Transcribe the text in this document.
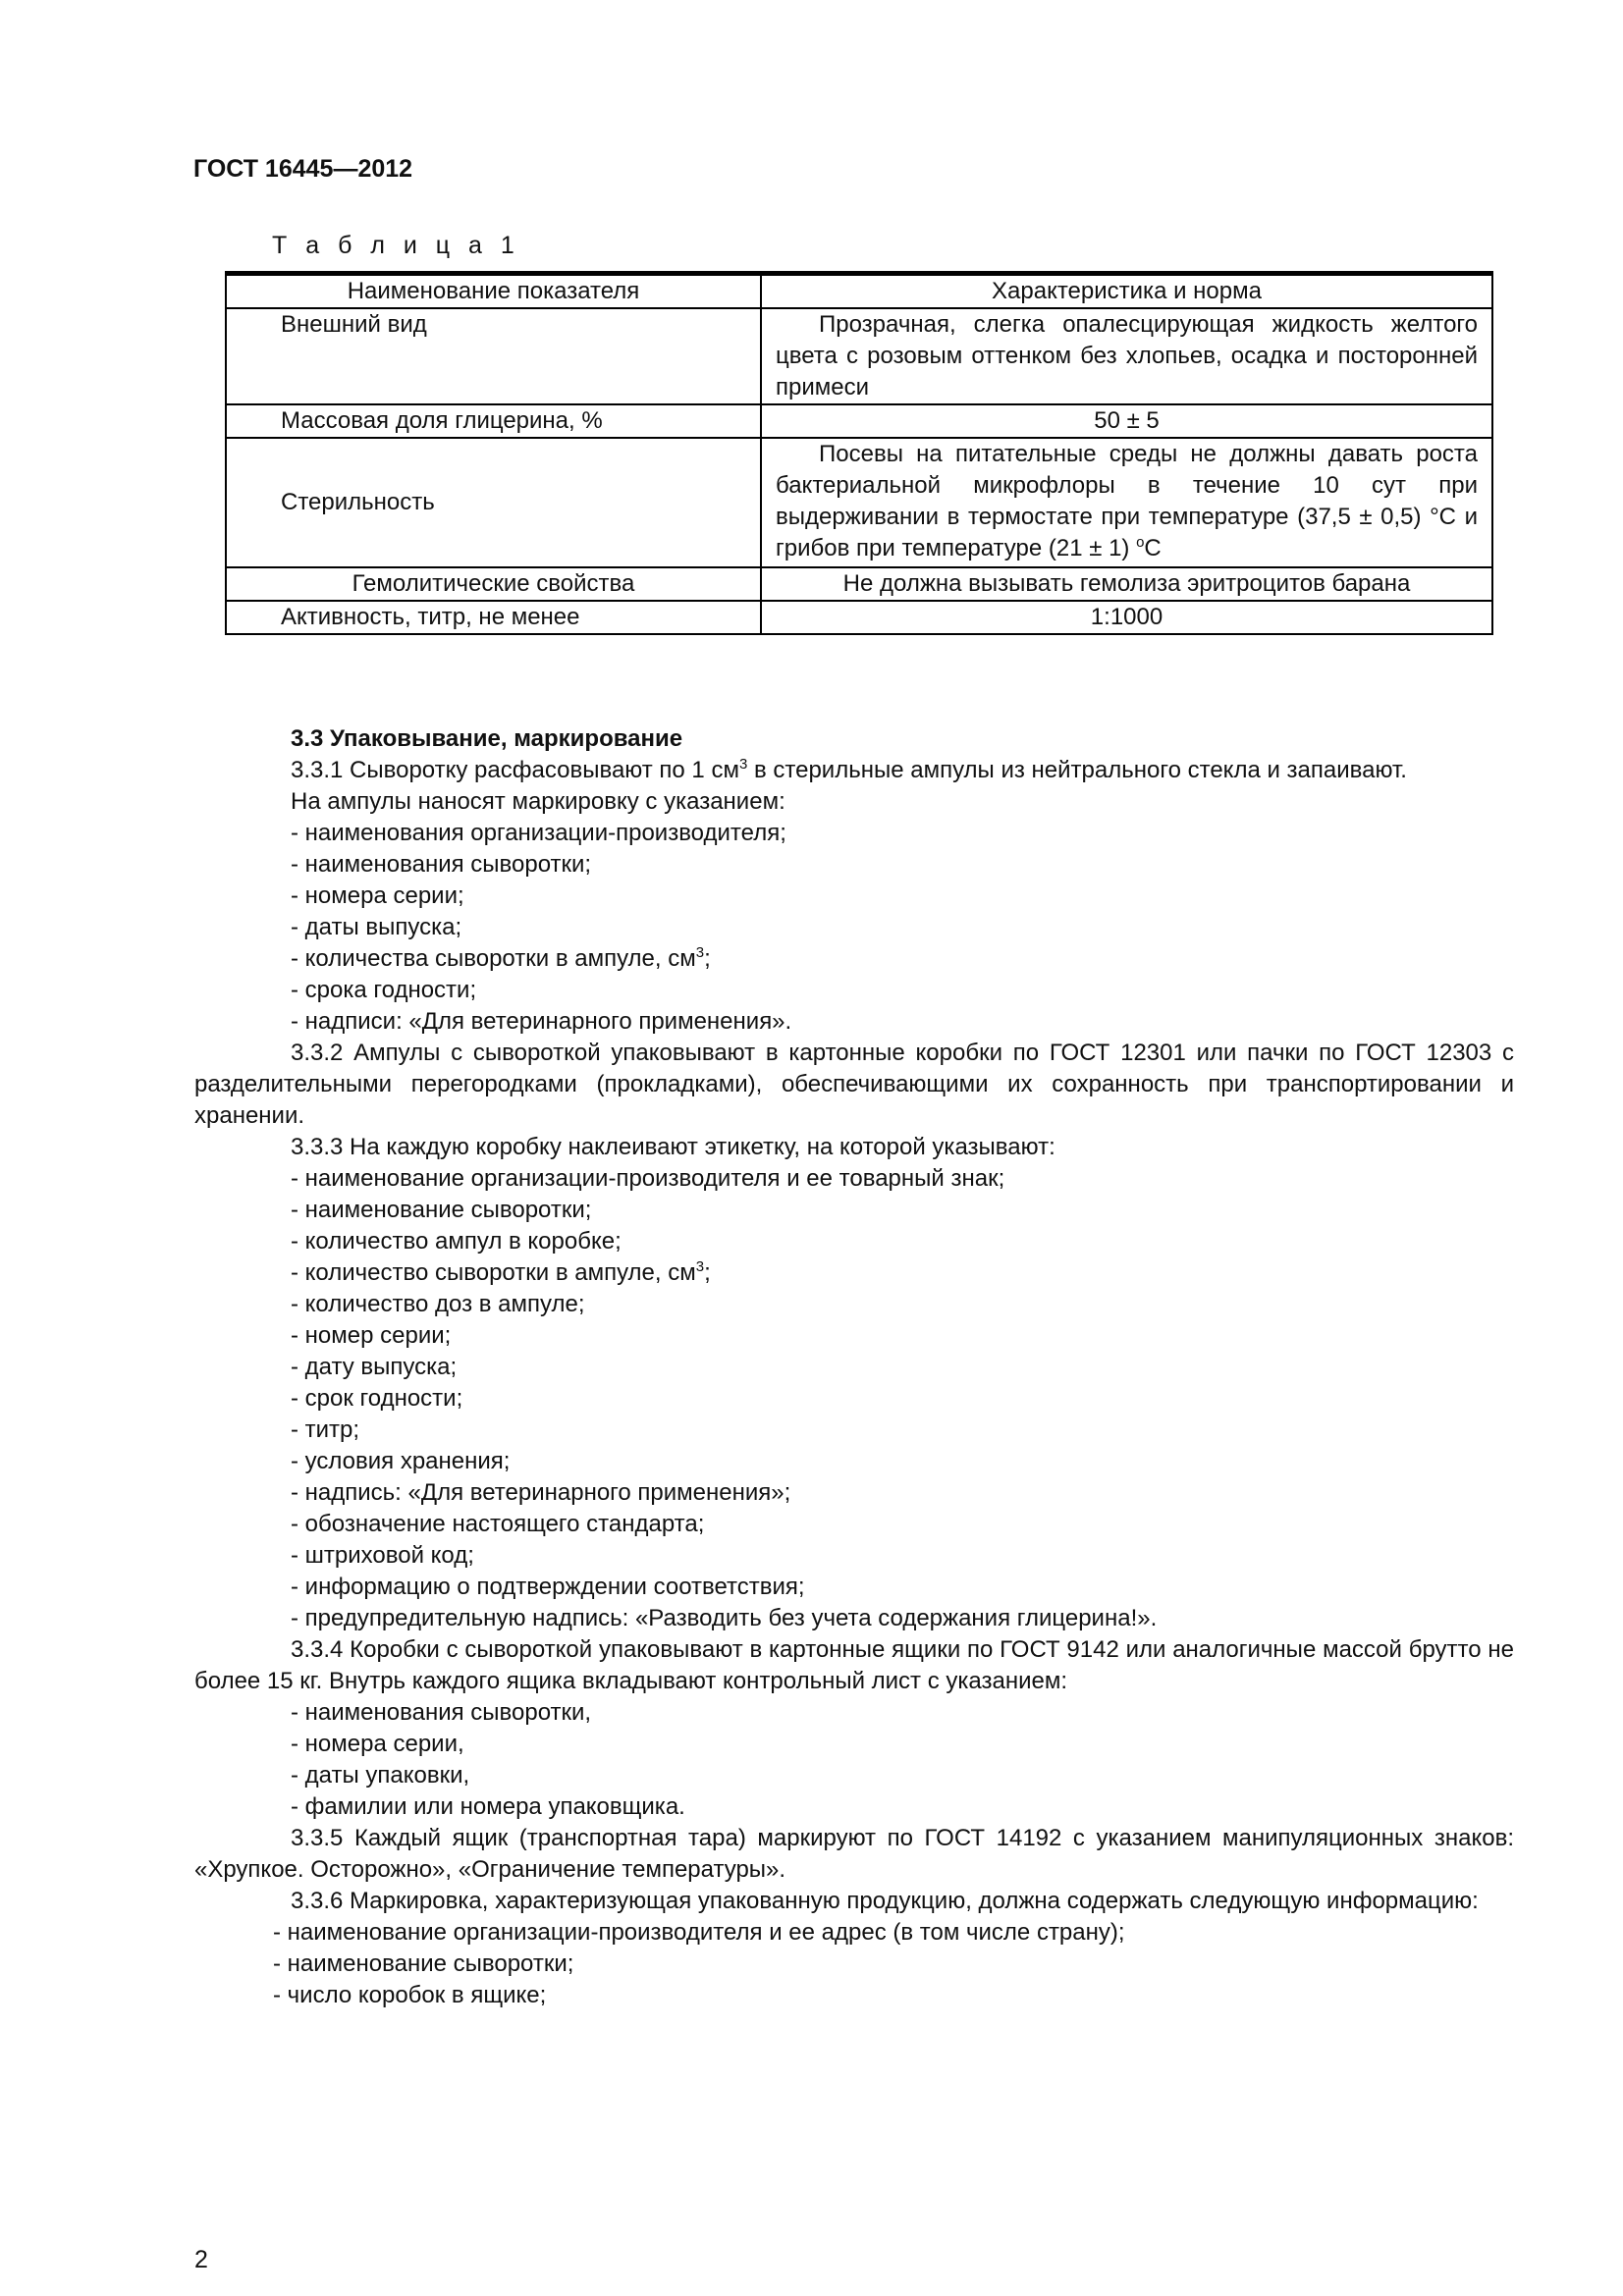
ГОСТ 16445—2012
Т а б л и ц а 1
Наименование показателя	Характеристика и норма
Внешний вид	Прозрачная, слегка опалесцирующая жидкость желтого цвета с розовым оттенком без хлопьев, осадка и посторонней примеси
Массовая доля глицерина, %	50 ± 5
Стерильность	Посевы на питательные среды не должны давать роста бактериальной микрофлоры в течение 10 сут при выдерживании в термостате при температуре (37,5 ± 0,5) °С и грибов при температуре (21 ± 1) $^o$С
Гемолитические свойства	Не должна вызывать гемолиза эритроцитов барана
Активность, титр, не менее	1:1000

3.3 Упаковывание, маркирование

3.3.1 Сыворотку расфасовывают по 1 $см^3$ в стерильные ампулы из нейтрального стекла и запаивают.

На ампулы наносят маркировку с указанием:

- наименования организации-производителя;

- наименования сыворотки;

- номера серии;

- даты выпуска;

- количества сыворотки в ампуле, $см^3$;

- срока годности;

- надписи: «Для ветеринарного применения».

3.3.2 Ампулы с сывороткой упаковывают в картонные коробки по ГОСТ 12301 или пачки по ГОСТ 12303 с разделительными перегородками (прокладками), обеспечивающими их сохранность при транспортировании и хранении.

3.3.3 На каждую коробку наклеивают этикетку, на которой указывают:

- наименование организации-производителя и ее товарный знак;

- наименование сыворотки;

- количество ампул в коробке;

- количество сыворотки в ампуле, $см^3$;

- количество доз в ампуле;

- номер серии;

- дату выпуска;

- срок годности;

- титр;

- условия хранения;

- надпись: «Для ветеринарного применения»;

- обозначение настоящего стандарта;

- штриховой код;

- информацию о подтверждении соответствия;

- предупредительную надпись: «Разводить без учета содержания глицерина!».

3.3.4 Коробки с сывороткой упаковывают в картонные ящики по ГОСТ 9142 или аналогичные массой брутто не более 15 кг. Внутрь каждого ящика вкладывают контрольный лист с указанием:

- наименования сыворотки,

- номера серии,

- даты упаковки,

- фамилии или номера упаковщика.

3.3.5 Каждый ящик (транспортная тара) маркируют по ГОСТ 14192 с указанием манипуляционных знаков: «Хрупкое. Осторожно», «Ограничение температуры».

3.3.6 Маркировка, характеризующая упакованную продукцию, должна содержать следующую информацию:

- наименование организации-производителя и ее адрес (в том числе страну);

- наименование сыворотки;

- число коробок в ящике;

2
